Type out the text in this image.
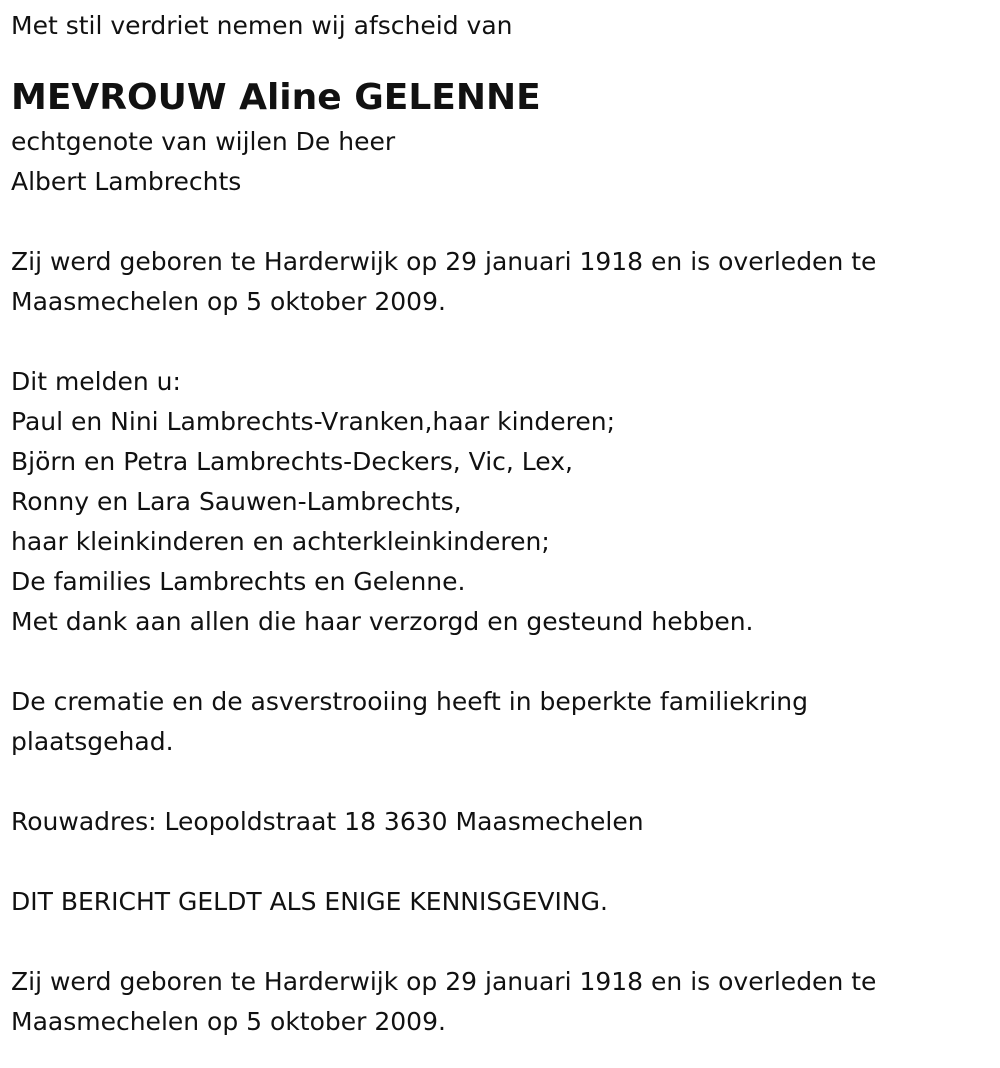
Met stil verdriet nemen wij afscheid van
MEVROUW Aline GELENNE
echtgenote van wijlen De heer
Albert Lambrechts
Zij werd geboren te Harderwijk op 29 januari 1918 en is overleden te
Maasmechelen op 5 oktober 2009.
Dit melden u:
Paul en Nini Lambrechts-Vranken,haar kinderen;
Björn en Petra Lambrechts-Deckers, Vic, Lex,
Ronny en Lara Sauwen-Lambrechts,
haar kleinkinderen en achterkleinkinderen;
De families Lambrechts en Gelenne.
Met dank aan allen die haar verzorgd en gesteund hebben.
De crematie en de asverstrooiing heeft in beperkte familiekring
plaatsgehad.
Rouwadres: Leopoldstraat 18 3630 Maasmechelen
DIT BERICHT GELDT ALS ENIGE KENNISGEVING.
Zij werd geboren te Harderwijk op 29 januari 1918 en is overleden te
Maasmechelen op 5 oktober 2009.
